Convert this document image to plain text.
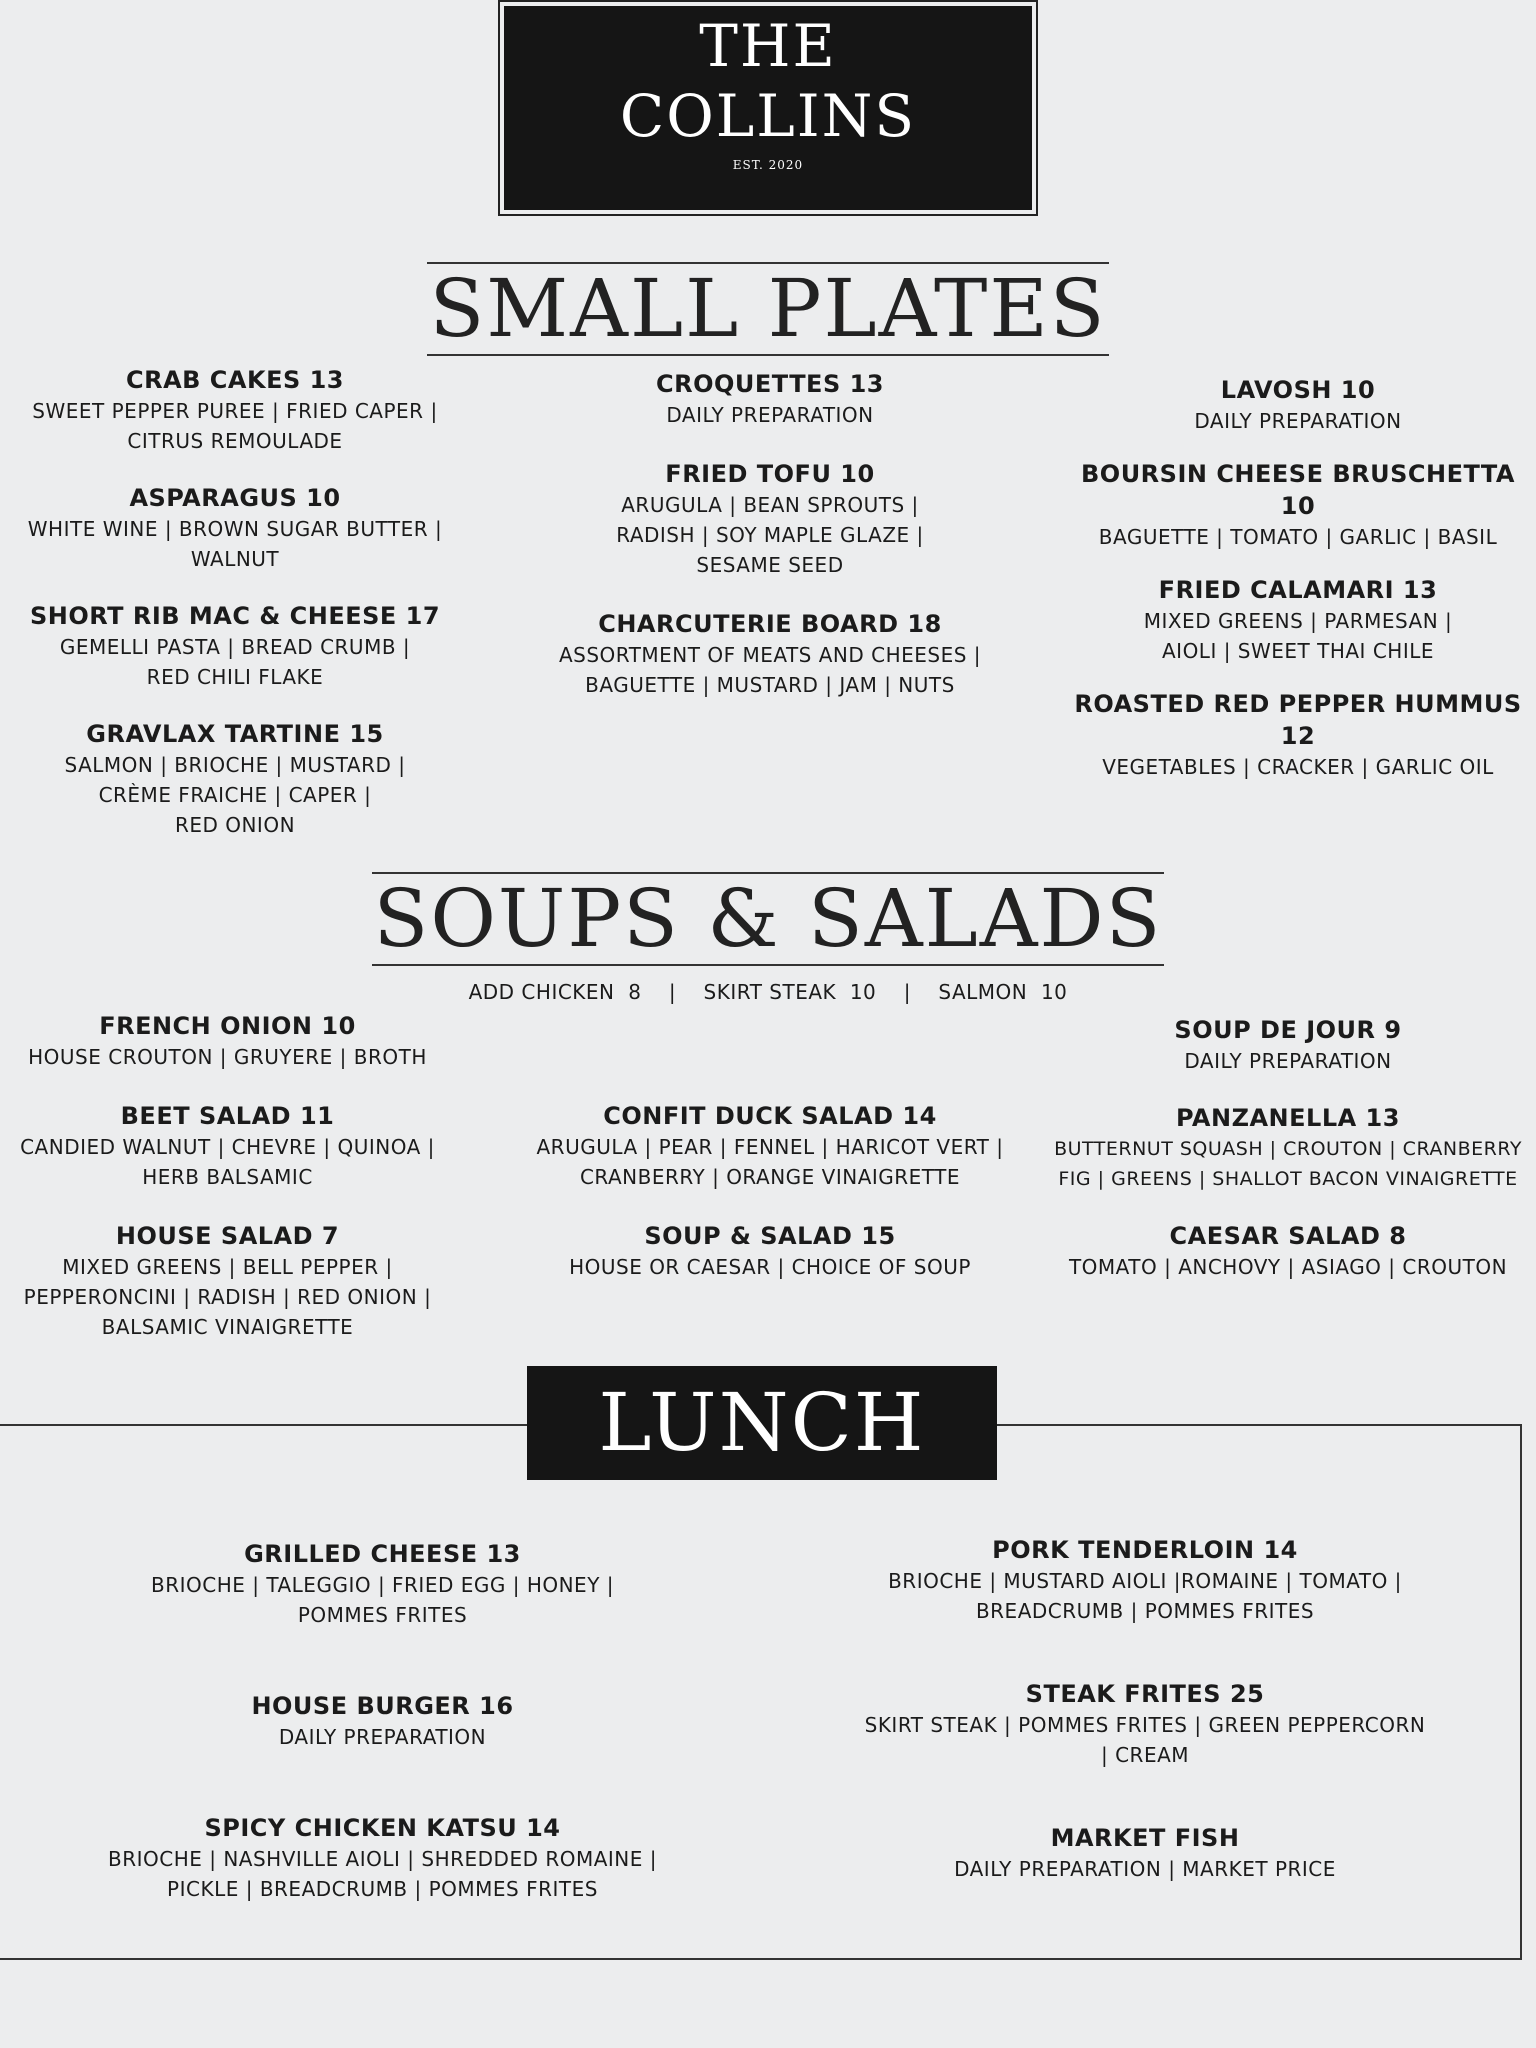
THE
COLLINS
EST. 2020
SMALL PLATES
CRAB CAKES 13
SWEET PEPPER PUREE | FRIED CAPER |
CITRUS REMOULADE
ASPARAGUS 10
WHITE WINE | BROWN SUGAR BUTTER |
WALNUT
SHORT RIB MAC & CHEESE 17
GEMELLI PASTA | BREAD CRUMB |
RED CHILI FLAKE
GRAVLAX TARTINE 15
SALMON | BRIOCHE | MUSTARD |
CRÈME FRAICHE | CAPER |
RED ONION
CROQUETTES 13
DAILY PREPARATION
FRIED TOFU 10
ARUGULA | BEAN SPROUTS |
RADISH | SOY MAPLE GLAZE |
SESAME SEED
CHARCUTERIE BOARD 18
ASSORTMENT OF MEATS AND CHEESES |
BAGUETTE | MUSTARD | JAM | NUTS
LAVOSH 10
DAILY PREPARATION
BOURSIN CHEESE BRUSCHETTA 10
BAGUETTE | TOMATO | GARLIC | BASIL
FRIED CALAMARI 13
MIXED GREENS | PARMESAN |
AIOLI | SWEET THAI CHILE
ROASTED RED PEPPER HUMMUS 12
VEGETABLES | CRACKER | GARLIC OIL
SOUPS & SALADS
ADD CHICKEN  8    |    SKIRT STEAK  10    |    SALMON  10
FRENCH ONION 10
HOUSE CROUTON | GRUYERE | BROTH
BEET SALAD 11
CANDIED WALNUT | CHEVRE | QUINOA |
HERB BALSAMIC
HOUSE SALAD 7
MIXED GREENS | BELL PEPPER |
PEPPERONCINI | RADISH | RED ONION |
BALSAMIC VINAIGRETTE
CONFIT DUCK SALAD 14
ARUGULA | PEAR | FENNEL | HARICOT VERT |
CRANBERRY | ORANGE VINAIGRETTE
SOUP & SALAD 15
HOUSE OR CAESAR | CHOICE OF SOUP
SOUP DE JOUR 9
DAILY PREPARATION
PANZANELLA 13
BUTTERNUT SQUASH | CROUTON | CRANBERRY
FIG | GREENS | SHALLOT BACON VINAIGRETTE
CAESAR SALAD 8
TOMATO | ANCHOVY | ASIAGO | CROUTON
LUNCH
GRILLED CHEESE 13
BRIOCHE | TALEGGIO | FRIED EGG | HONEY |
POMMES FRITES
HOUSE BURGER 16
DAILY PREPARATION
SPICY CHICKEN KATSU 14
BRIOCHE | NASHVILLE AIOLI | SHREDDED ROMAINE |
PICKLE | BREADCRUMB | POMMES FRITES
PORK TENDERLOIN 14
BRIOCHE | MUSTARD AIOLI |ROMAINE | TOMATO |
BREADCRUMB | POMMES FRITES
STEAK FRITES 25
SKIRT STEAK | POMMES FRITES | GREEN PEPPERCORN
| CREAM
MARKET FISH
DAILY PREPARATION | MARKET PRICE
